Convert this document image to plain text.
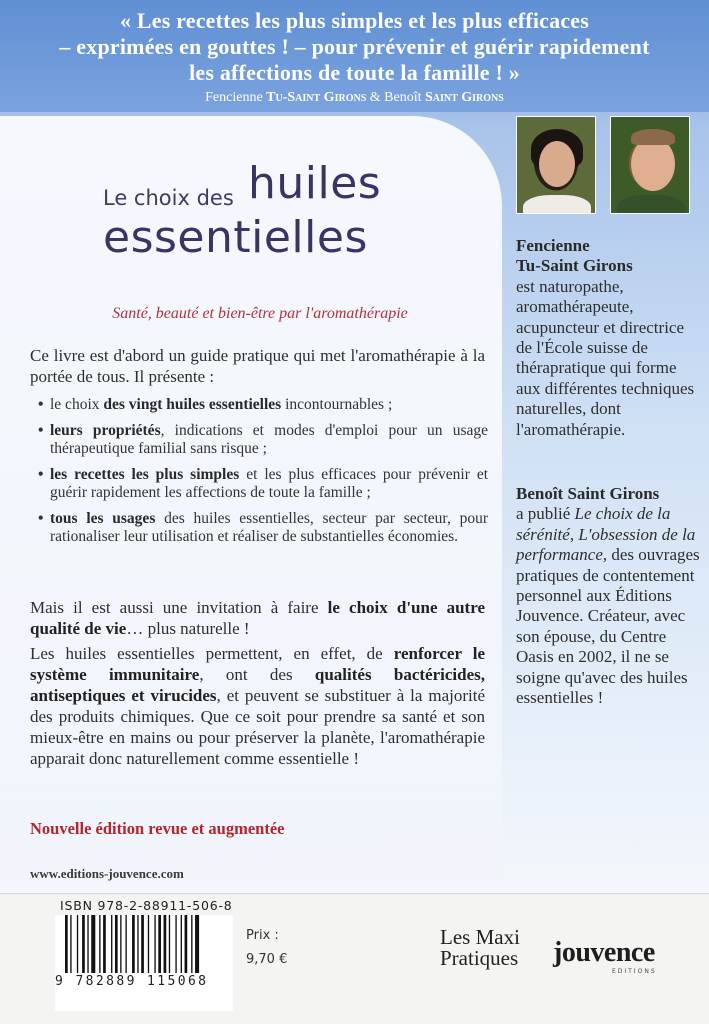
« Les recettes les plus simples et les plus efficaces
– exprimées en gouttes ! – pour prévenir et guérir rapidement
les affections de toute la famille ! »
Fencienne Tu-Saint Girons & Benoît Saint Girons
Le choix des huiles
essentielles
Santé, beauté et bien-être par l'aromathérapie

Ce livre est d'abord un guide pratique qui met l'aromathérapie à la portée de tous. Il présente :

• le choix des vingt huiles essentielles incontournables ;
• leurs propriétés, indications et modes d'emploi pour un usage thérapeutique familial sans risque ;
• les recettes les plus simples et les plus efficaces pour prévenir et guérir rapidement les affections de toute la famille ;
• tous les usages des huiles essentielles, secteur par secteur, pour rationaliser leur utilisation et réaliser de substantielles économies.

Mais il est aussi une invitation à faire le choix d'une autre qualité de vie… plus naturelle !

Les huiles essentielles permettent, en effet, de renforcer le système immunitaire, ont des qualités bactéricides, antiseptiques et virucides, et peuvent se substituer à la majorité des produits chimiques. Que ce soit pour prendre sa santé et son mieux-être en mains ou pour préserver la planète, l'aromathérapie apparait donc naturellement comme essentielle !

Nouvelle édition revue et augmentée
www.editions-jouvence.com
Fencienne
Tu-Saint Girons
est naturopathe, aromathérapeute, acupuncteur et directrice de l'École suisse de thérapratique qui forme aux différentes techniques naturelles, dont l'aromathérapie.
Benoît Saint Girons
a publié Le choix de la sérénité, L'obsession de la performance, des ouvrages pratiques de contentement personnel aux Éditions Jouvence. Créateur, avec son épouse, du Centre Oasis en 2002, il ne se soigne qu'avec des huiles essentielles !
ISBN 978-2-88911-506-8
9 782889 115068
Prix :
9,70 €
Les Maxi
Pratiques jouvence
EDITIONS
